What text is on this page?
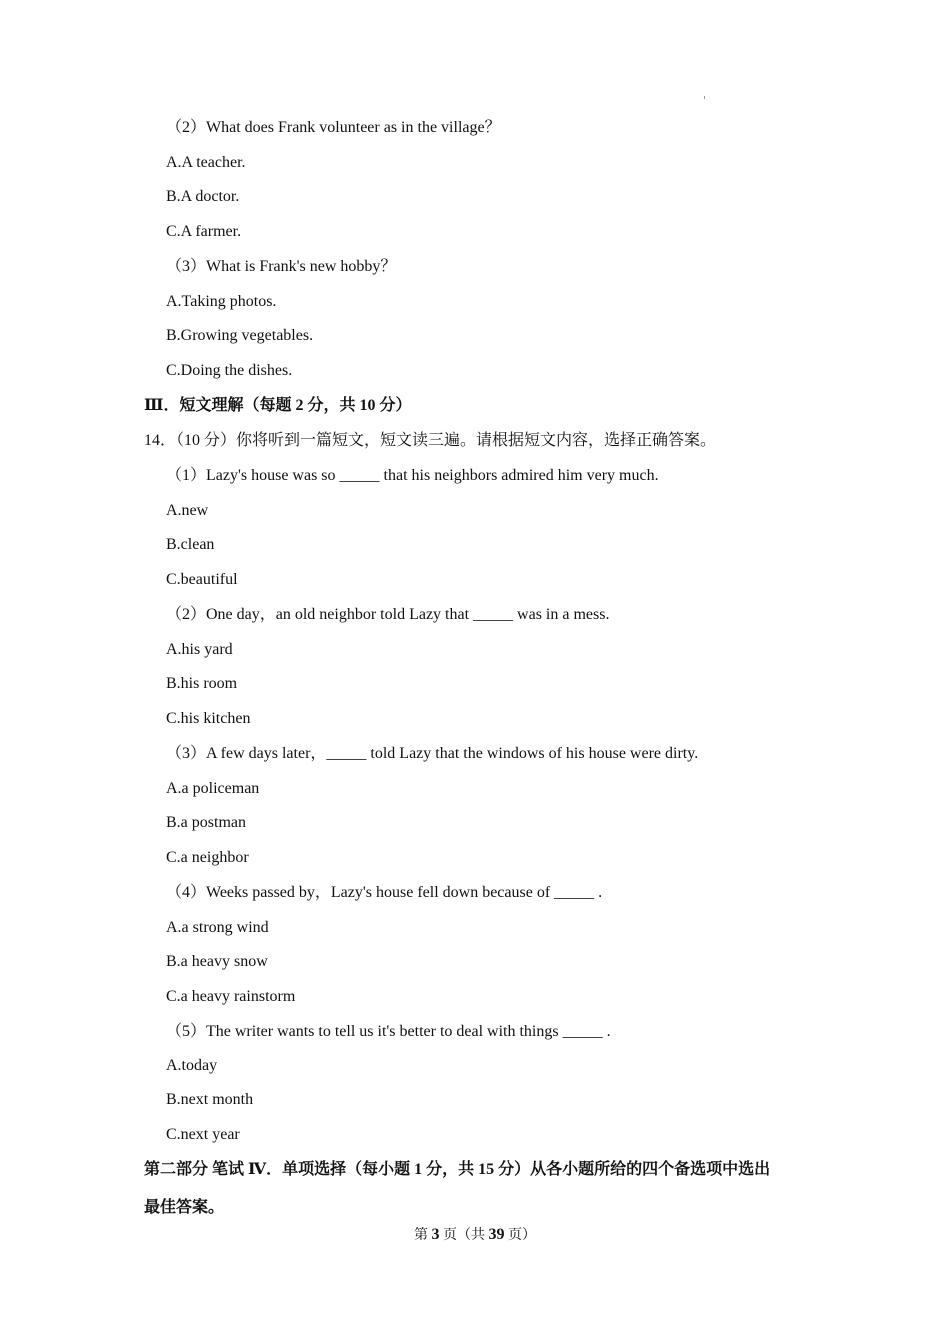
（2）What does Frank volunteer as in the village？
A.A teacher.
B.A doctor.
C.A farmer.
（3）What is Frank's new hobby？
A.Taking photos.
B.Growing vegetables.
C.Doing the dishes.
Ⅲ．短文理解（每题 2 分，共 10 分）
14．（10 分）你将听到一篇短文，短文读三遍。请根据短文内容，选择正确答案。
（1）Lazy's house was so _____ that his neighbors admired him very much.
A.new
B.clean
C.beautiful
（2）One day，an old neighbor told Lazy that _____ was in a mess.
A.his yard
B.his room
C.his kitchen
（3）A few days later，_____ told Lazy that the windows of his house were dirty.
A.a policeman
B.a postman
C.a neighbor
（4）Weeks passed by，Lazy's house fell down because of _____ .
A.a strong wind
B.a heavy snow
C.a heavy rainstorm
（5）The writer wants to tell us it's better to deal with things _____ .
A.today
B.next month
C.next year
第二部分 笔试 Ⅳ．单项选择（每小题 1 分，共 15 分）从各小题所给的四个备选项中选出
最佳答案。
第 3 页（共 39 页）
